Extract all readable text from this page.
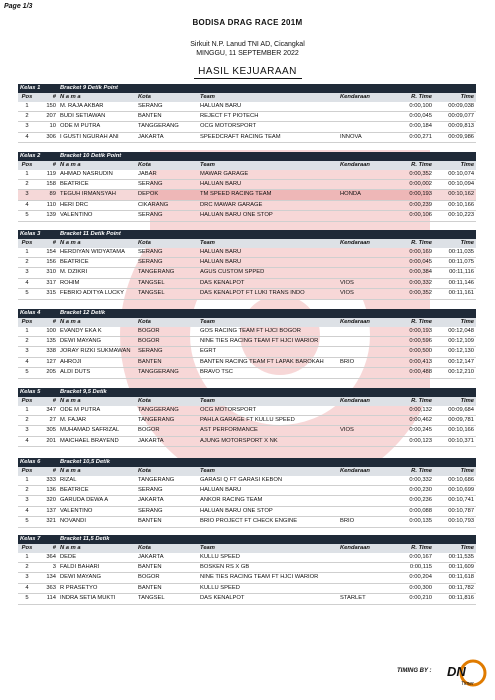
Page 1/3
BODISA DRAG RACE 201M
Sirkuit N.P. Lanud TNI AD, Cicangkal
MINGGU, 11 SEPTEMBER 2022
HASIL KEJUARAAN
Kelas 1		Bracket 9 Detik Point					
Pos	#	N a m a	Kota	Team	Kendaraan	R. Time	Time
1	150	M. RAJA AKBAR	SERANG	HALUAN BARU		0:00,100	00:09,038
2	207	BUDI SETIAWAN	BANTEN	REJECT FT PIOTECH		0:00,045	00:09,077
3	10	ODE M PUTRA	TANGGERANG	OCG MOTORSPORT		0:00,184	00:09,813
4	306	I GUSTI NGURAH ANI	JAKARTA	SPEEDCRAFT RACING TEAM	INNOVA	0:00,271	00:09,986
Kelas 2		Bracket 10 Detik Point					
Pos	#	N a m a	Kota	Team	Kendaraan	R. Time	Time
1	119	AHMAD NASRUDIN	JABAR	MAWAR GARAGE		0:00,352	00:10,074
2	158	BEATRICE	SERANG	HALUAN BARU		0:00,002	00:10,094
3	89	TEGUH IRMANSYAH	DEPOK	TM SPEED RACING TEAM	HONDA	0:00,193	00:10,162
4	110	HERI DRC	CIKARANG	DRC MAWAR GARAGE		0:00,239	00:10,166
5	139	VALENTINO	SERANG	HALUAN BARU ONE STOP		0:00,106	00:10,223
Kelas 3		Bracket 11 Detik Point					
Pos	#	N a m a	Kota	Team	Kendaraan	R. Time	Time
1	154	HERDIYAN WIDYATAMA	SERANG	HALUAN BARU		0:00,169	00:11,035
2	156	BEATRICE	SERANG	HALUAN BARU		0:00,045	00:11,075
3	310	M. DZIKRI	TANGERANG	AGUS CUSTOM SPPED		0:00,384	00:11,116
4	317	ROHIM	TANGSEL	DAS KENALPOT	VIOS	0:00,332	00:11,146
5	315	FEBRIO ADITYA LUCKY	TANGSEL	DAS KENALPOT FT LUKI TRANS INDO	VIOS	0:00,352	00:11,161
Kelas 4		Bracket 12 Detik					
Pos	#	N a m a	Kota	Team	Kendaraan	R. Time	Time
1	100	EVANDY EKA K	BOGOR	GOS RACING TEAM FT HJCI BOGOR		0:00,193	00:12,048
2	135	DEWI MAYANG	BOGOR	NINE TIES RACING TEAM FT HJCI WARIOR		0:00,596	00:12,109
3	338	JORAY RIZKI SUKMAWAN	SERANG	EGRT		0:00,500	00:12,130
4	127	AHROJI	BANTEN	BANTEN RACING TEAM FT LAPAK BAROKAH	BRIO	0:00,413	00:12,147
5	205	ALDI DUTS	TANGGERANG	BRAVO TSC		0:00,488	00:12,210
Kelas 5		Bracket 9,5 Detik					
Pos	#	N a m a	Kota	Team	Kendaraan	R. Time	Time
1	347	ODE M PUTRA	TANGGERANG	OCG MOTORSPORT		0:00,132	00:09,684
2	27	M. FAJAR	TANGERANG	PAHLA GARAGE FT KULLU SPEED		0:00,462	00:09,781
3	305	MUHAMAD SAFRIZAL	BOGOR	AST PERFORMANCE	VIOS	0:00,245	00:10,166
4	201	MAICHAEL BRAYEND	JAKARTA	AJUNG MOTORSPORT X NK		0:00,123	00:10,371
Kelas 6		Bracket 10,5 Detik					
Pos	#	N a m a	Kota	Team	Kendaraan	R. Time	Time
1	333	RIZAL	TANGERANG	GARASI Q FT GARASI KEBON		0:00,332	00:10,686
2	136	BEATRICE	SERANG	HALUAN BARU		0:00,230	00:10,699
3	320	GARUDA DEWA A	JAKARTA	ANKOR RACING TEAM		0:00,236	00:10,741
4	137	VALENTINO	SERANG	HALUAN BARU ONE STOP		0:00,088	00:10,787
5	321	NOVANDI	BANTEN	BRIO PROJECT FT CHECK ENGINE	BRIO	0:00,135	00:10,793
Kelas 7		Bracket 11,5 Detik					
Pos	#	N a m a	Kota	Team	Kendaraan	R. Time	Time
1	364	DEDE	JAKARTA	KULLU SPEED		0:00,167	00:11,535
2	3	FALDI BAHARI	BANTEN	BOSKEN RS X GB		0:00,115	00:11,609
3	134	DEWI MAYANG	BOGOR	NINE TIES RACING TEAM FT HJCI WARIOR		0:00,204	00:11,618
4	363	R PRASETYO	BANTEN	KULLU SPEED		0:00,300	00:11,782
5	114	INDRA SETIA MUKTI	TANGSEL	DAS KENALPOT	STARLET	0:00,210	00:11,816
TIMING BY : DN
Timer
